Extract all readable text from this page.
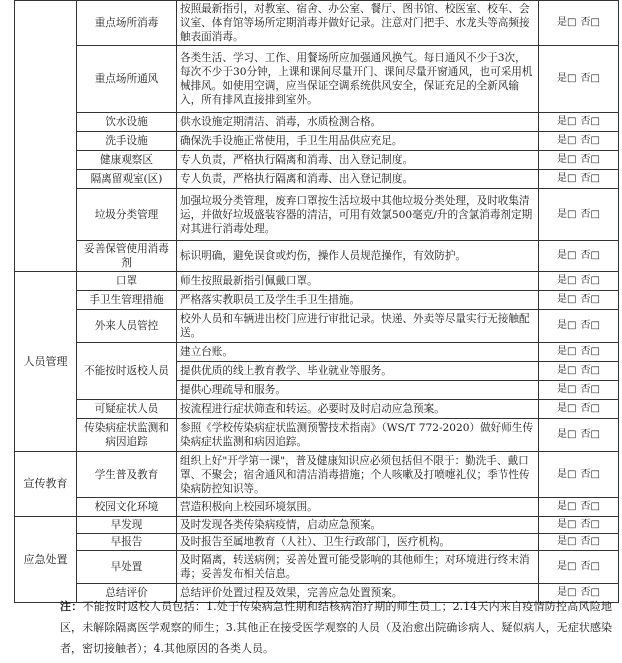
	重点场所消毒	按照最新指引，对教室、宿舍、办公室、餐厅、图书馆、校医室、校车、会议室、体育馆等场所定期消毒并做好记录。注意对门把手、水龙头等高频接触表面消毒。	是□ 否□
	重点场所通风	各类生活、学习、工作、用餐场所应加强通风换气。每日通风不少于3次，每次不少于30分钟，上课和课间尽量开门、课间尽量开窗通风，也可采用机械排风。如使用空调，应当保证空调系统供风安全，保证充足的全新风输入，所有排风直接排到室外。	是□ 否□
	饮水设施	供水设施定期清洁、消毒，水质检测合格。	是□ 否□
	洗手设施	确保洗手设施正常使用，手卫生用品供应充足。	是□ 否□
	健康观察区	专人负责，严格执行隔离和消毒、出入登记制度。	是□ 否□
	隔离留观室(区)	专人负责，严格执行隔离和消毒、出入登记制度。	是□ 否□
	垃圾分类管理	加强垃圾分类管理，废弃口罩按生活垃圾中其他垃圾分类处理，及时收集清运，并做好垃圾盛装容器的清洁，可用有效氯500毫克/升的含氯消毒剂定期对其进行消毒处理。	是□ 否□
	妥善保管使用消毒剂	标识明确，避免误食或灼伤，操作人员规范操作，有效防护。	是□ 否□
人员管理	口罩	师生按照最新指引佩戴口罩。	是□ 否□
	手卫生管理措施	严格落实教职员工及学生手卫生措施。	是□ 否□
	外来人员管控	校外人员和车辆进出校门应进行审批记录。快递、外卖等尽量实行无接触配送。	是□ 否□
	不能按时返校人员	建立台账。	是□ 否□
		提供优质的线上教育教学、毕业就业等服务。	是□ 否□
		提供心理疏导和服务。	是□ 否□
	可疑症状人员	按流程进行症状筛查和转运。必要时及时启动应急预案。	是□ 否□
	传染病症状监测和病因追踪	参照《学校传染病症状监测预警技术指南》（WS/T 772-2020）做好师生传染病症状监测和病因追踪。	是□ 否□
宣传教育	学生普及教育	组织上好"开学第一课"，普及健康知识应必须包括但不限于：勤洗手、戴口罩、不聚会；宿舍通风和清洁消毒措施；个人咳嗽及打喷嚏礼仪；季节性传染病防控知识等。	是□ 否□
	校园文化环境	营造积极向上校园环境氛围。	是□ 否□
应急处置	早发现	及时发现各类传染病疫情，启动应急预案。	是□ 否□
	早报告	及时报告至属地教育（人社）、卫生行政部门，医疗机构。	是□ 否□
	早处置	及时隔离，转送病例；妥善处置可能受影响的其他师生；对环境进行终末消毒；妥善发布相关信息。	是□ 否□
	总结评价	总结评价处置过程及效果，完善应急处置预案。	是□ 否□
注：不能按时返校人员包括：1.处于传染病急性期和结核病治疗期的师生员工；2.14天内来自疫情防控高风险地区，未解除隔离医学观察的师生；3.其他正在接受医学观察的人员（及治愈出院确诊病人、疑似病人，无症状感染者，密切接触者）；4.其他原因的各类人员。
